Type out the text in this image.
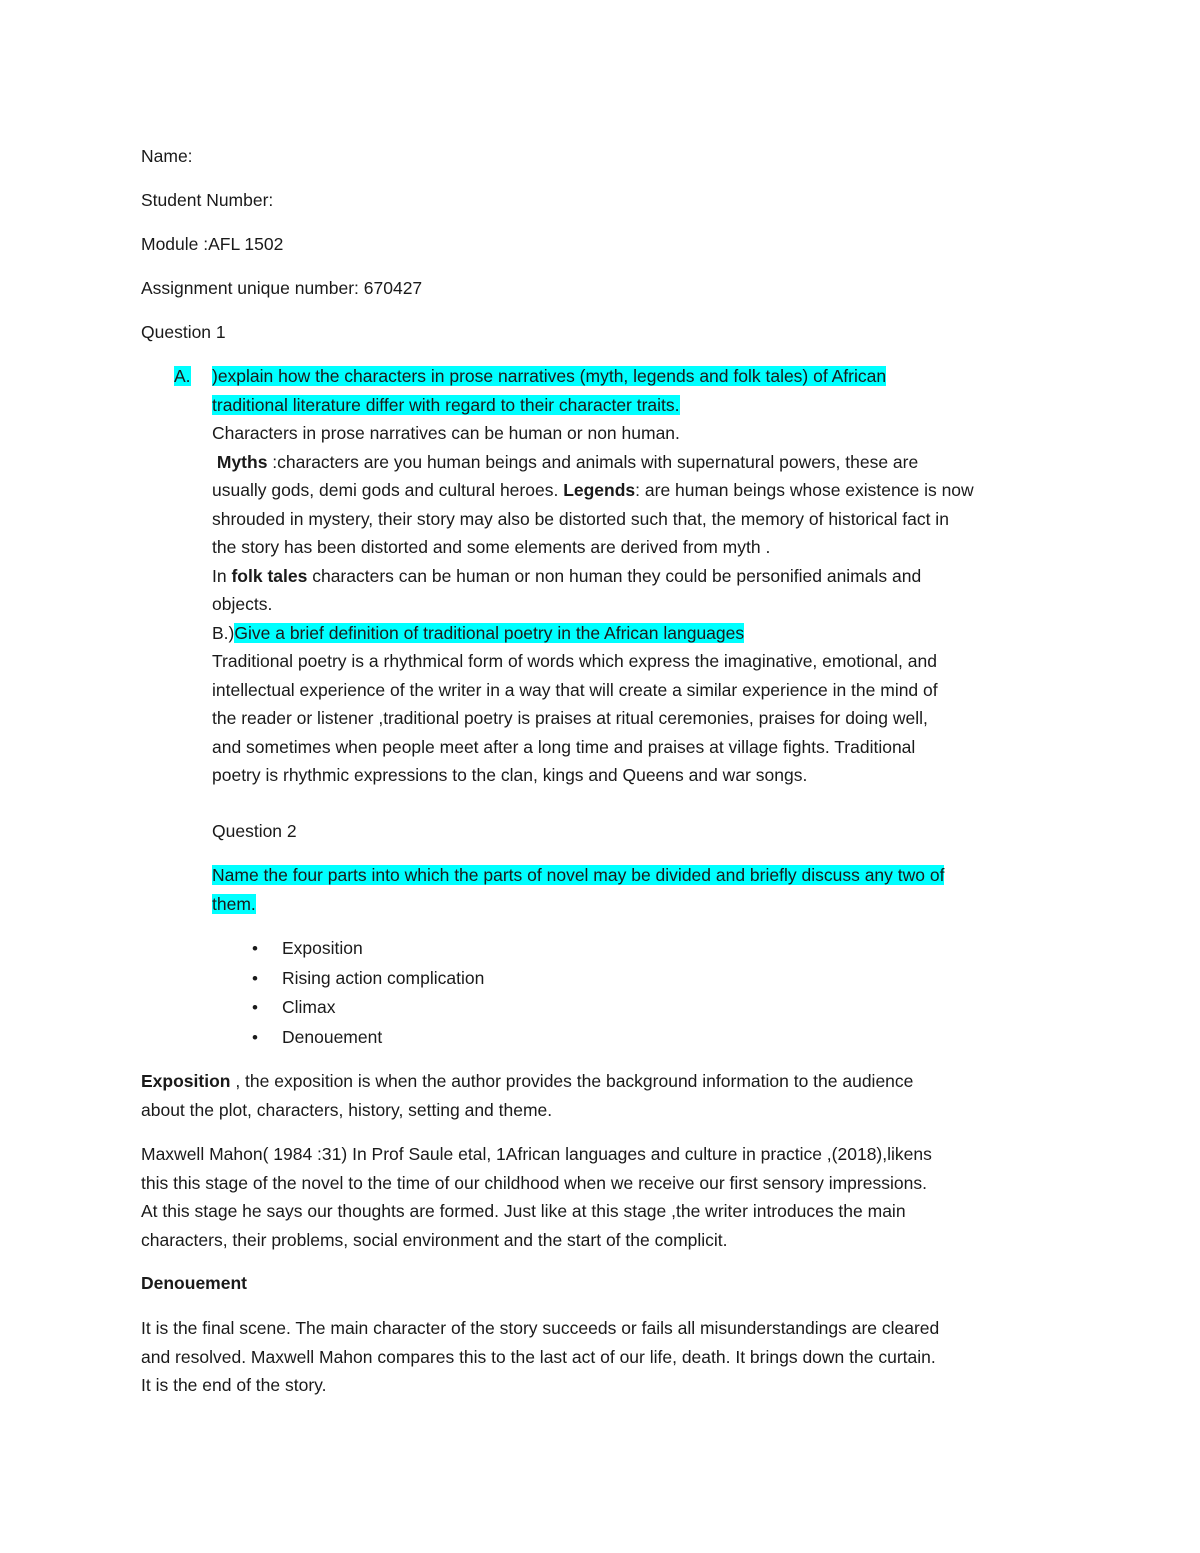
Name:

Student Number:

Module :AFL 1502

Assignment unique number: 670427

Question 1

A. )explain how the characters in prose narratives (myth, legends and folk tales) of African
traditional literature differ with regard to their character traits.
Characters in prose narratives can be human or non human.
Myths :characters are you human beings and animals with supernatural powers, these are
usually gods, demi gods and cultural heroes. Legends: are human beings whose existence is now
shrouded in mystery, their story may also be distorted such that, the memory of historical fact in
the story has been distorted and some elements are derived from myth .
In folk tales characters can be human or non human they could be personified animals and
objects.
B.)Give a brief definition of traditional poetry in the African languages
Traditional poetry is a rhythmical form of words which express the imaginative, emotional, and
intellectual experience of the writer in a way that will create a similar experience in the mind of
the reader or listener ,traditional poetry is praises at ritual ceremonies, praises for doing well,
and sometimes when people meet after a long time and praises at village fights. Traditional
poetry is rhythmic expressions to the clan, kings and Queens and war songs.

Question 2

Name the four parts into which the parts of novel may be divided and briefly discuss any two of
them.
• Exposition
• Rising action complication
• Climax
• Denouement
Exposition , the exposition is when the author provides the background information to the audience
about the plot, characters, history, setting and theme.
Maxwell Mahon( 1984 :31) In Prof Saule etal, 1African languages and culture in practice ,(2018),likens
this this stage of the novel to the time of our childhood when we receive our first sensory impressions.
At this stage he says our thoughts are formed. Just like at this stage ,the writer introduces the main
characters, their problems, social environment and the start of the complicit.

Denouement

It is the final scene. The main character of the story succeeds or fails all misunderstandings are cleared
and resolved. Maxwell Mahon compares this to the last act of our life, death. It brings down the curtain.
It is the end of the story.
